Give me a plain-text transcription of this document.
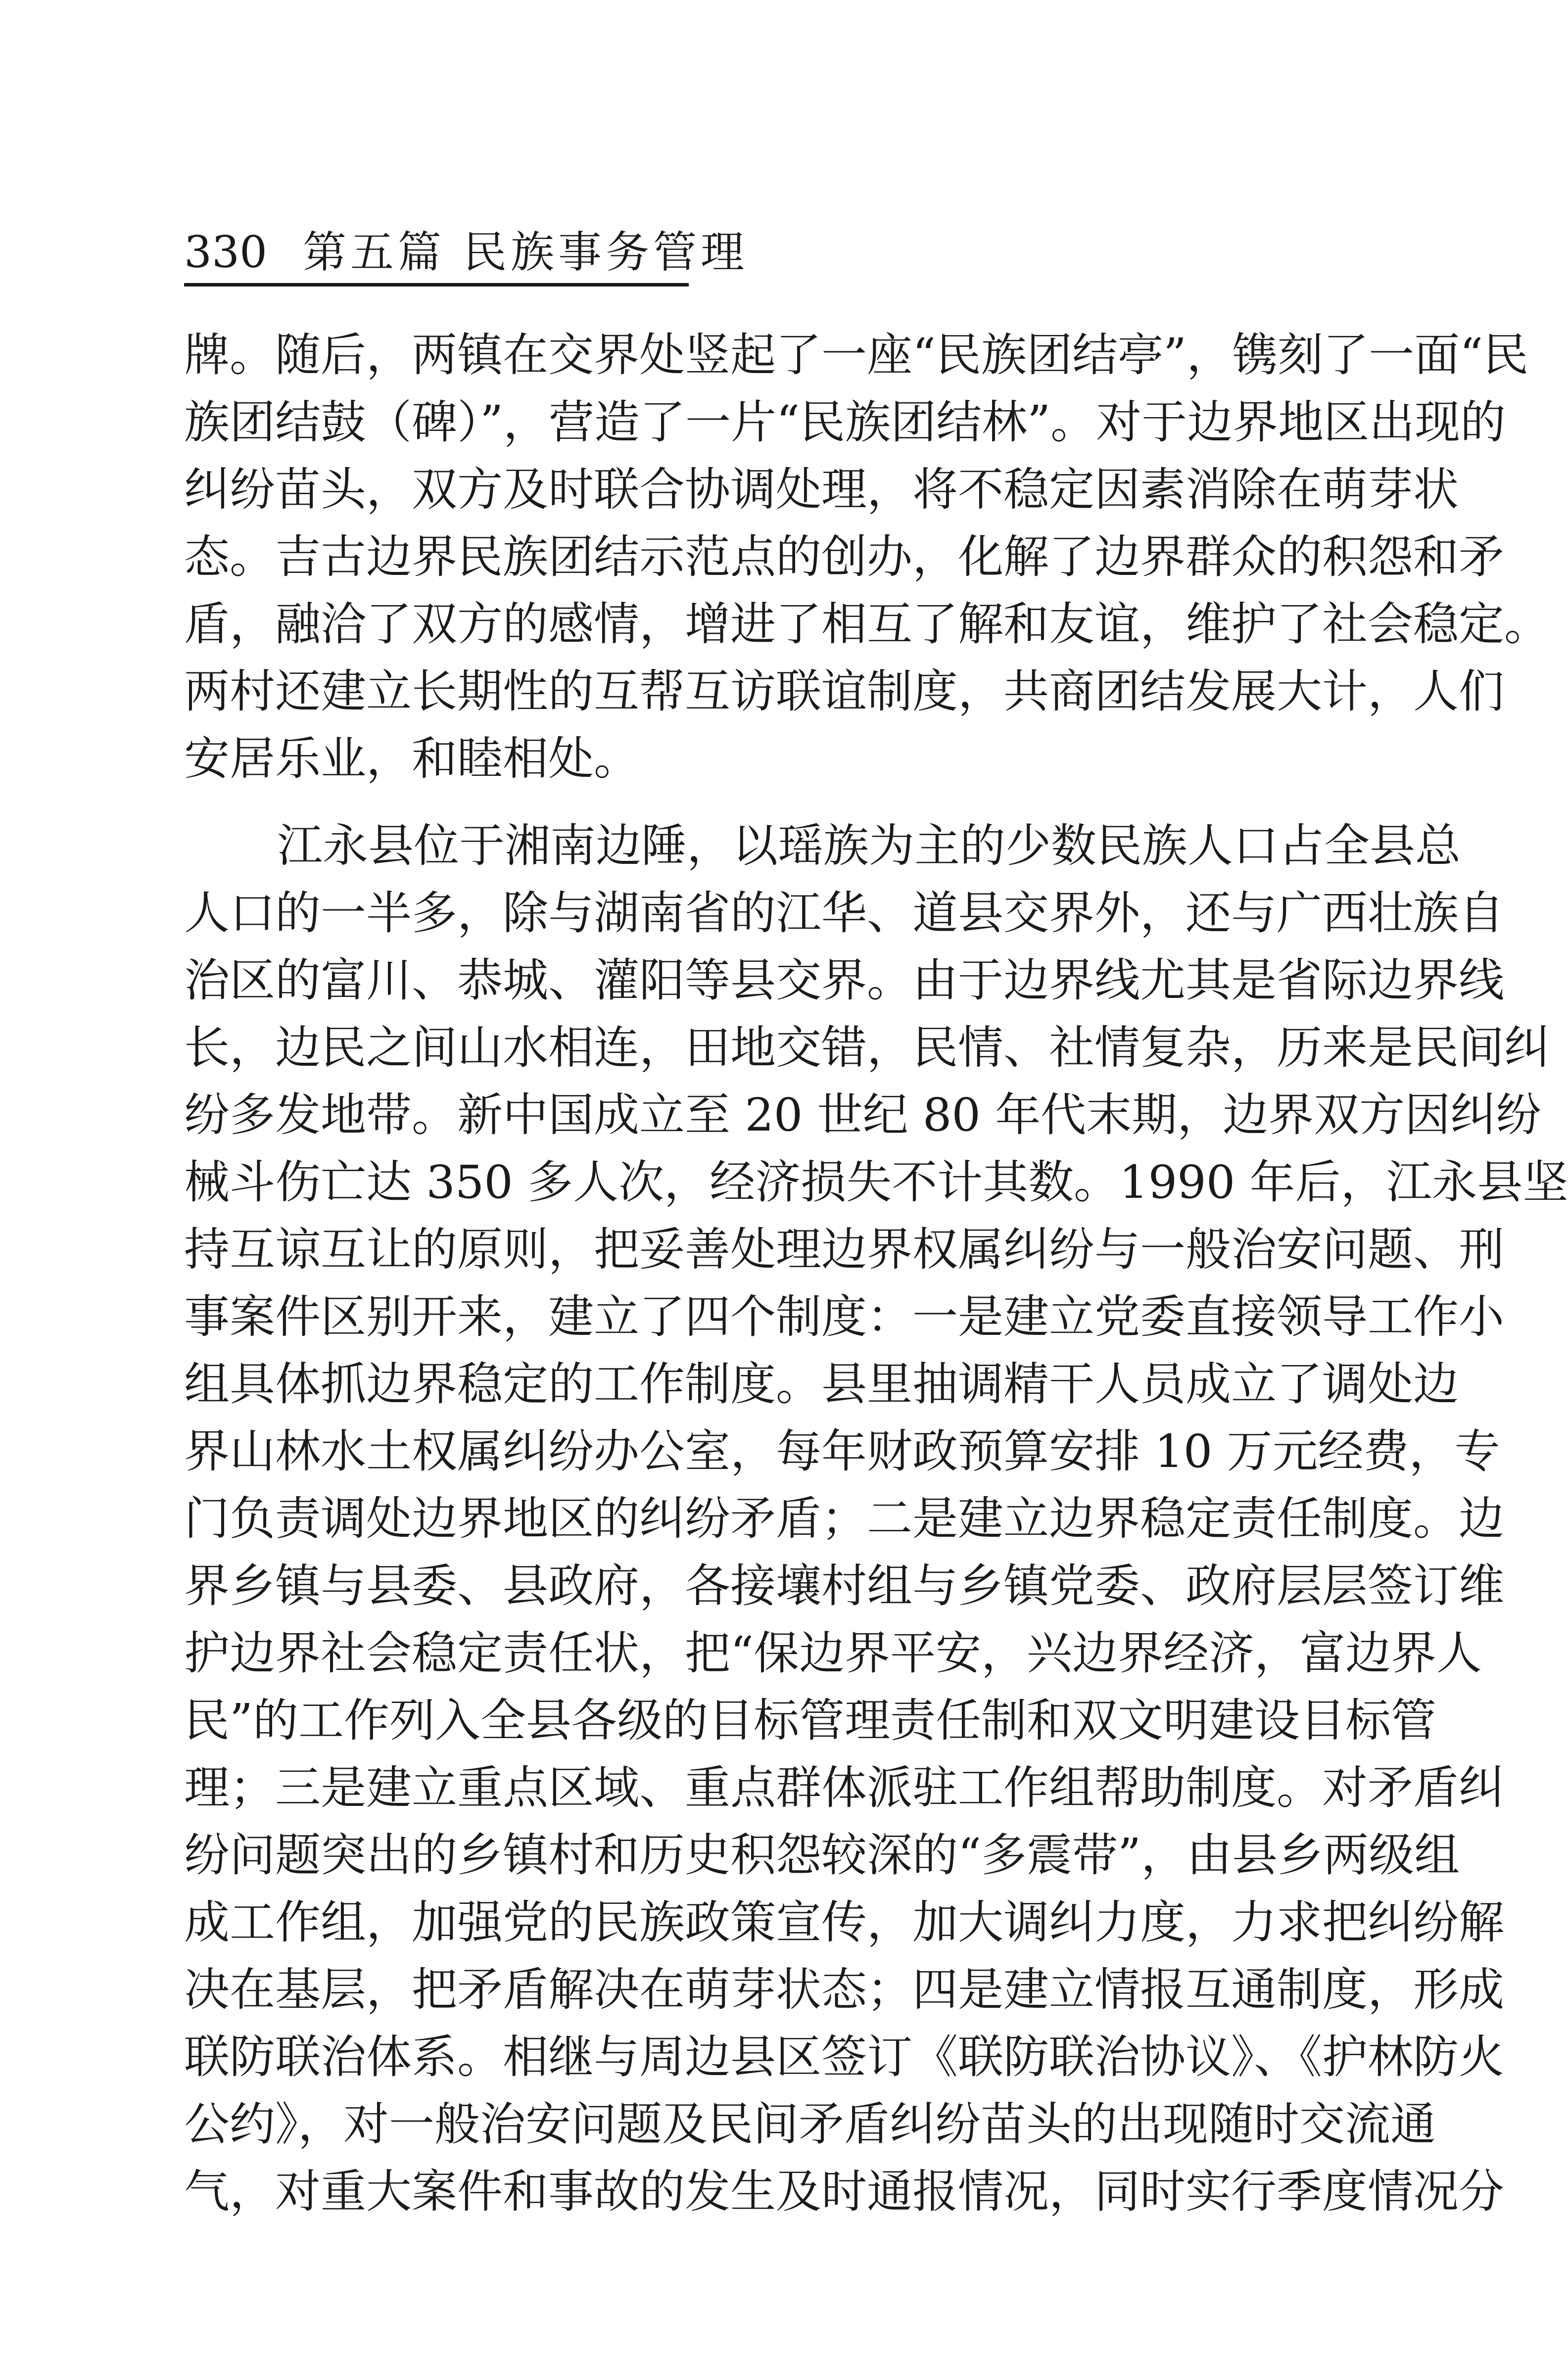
330 第五篇 民族事务管理
牌。随后，两镇在交界处竖起了一座“民族团结亭”，镌刻了一面“民
族团结鼓（碑）”，营造了一片“民族团结林”。对于边界地区出现的
纠纷苗头，双方及时联合协调处理，将不稳定因素消除在萌芽状
态。吉古边界民族团结示范点的创办，化解了边界群众的积怨和矛
盾，融洽了双方的感情，增进了相互了解和友谊，维护了社会稳定。
两村还建立长期性的互帮互访联谊制度，共商团结发展大计，人们
安居乐业，和睦相处。
江永县位于湘南边陲，以瑶族为主的少数民族人口占全县总
人口的一半多，除与湖南省的江华、道县交界外，还与广西壮族自
治区的富川、恭城、灌阳等县交界。由于边界线尤其是省际边界线
长，边民之间山水相连，田地交错，民情、社情复杂，历来是民间纠
纷多发地带。新中国成立至 20 世纪 80 年代末期，边界双方因纠纷
械斗伤亡达 350 多人次，经济损失不计其数。1990 年后，江永县坚
持互谅互让的原则，把妥善处理边界权属纠纷与一般治安问题、刑
事案件区别开来，建立了四个制度：一是建立党委直接领导工作小
组具体抓边界稳定的工作制度。县里抽调精干人员成立了调处边
界山林水土权属纠纷办公室，每年财政预算安排 10 万元经费，专
门负责调处边界地区的纠纷矛盾；二是建立边界稳定责任制度。边
界乡镇与县委、县政府，各接壤村组与乡镇党委、政府层层签订维
护边界社会稳定责任状，把“保边界平安，兴边界经济，富边界人
民”的工作列入全县各级的目标管理责任制和双文明建设目标管
理；三是建立重点区域、重点群体派驻工作组帮助制度。对矛盾纠
纷问题突出的乡镇村和历史积怨较深的“多震带”，由县乡两级组
成工作组，加强党的民族政策宣传，加大调纠力度，力求把纠纷解
决在基层，把矛盾解决在萌芽状态；四是建立情报互通制度，形成
联防联治体系。相继与周边县区签订《联防联治协议》、《护林防火
公约》，对一般治安问题及民间矛盾纠纷苗头的出现随时交流通
气，对重大案件和事故的发生及时通报情况，同时实行季度情况分
